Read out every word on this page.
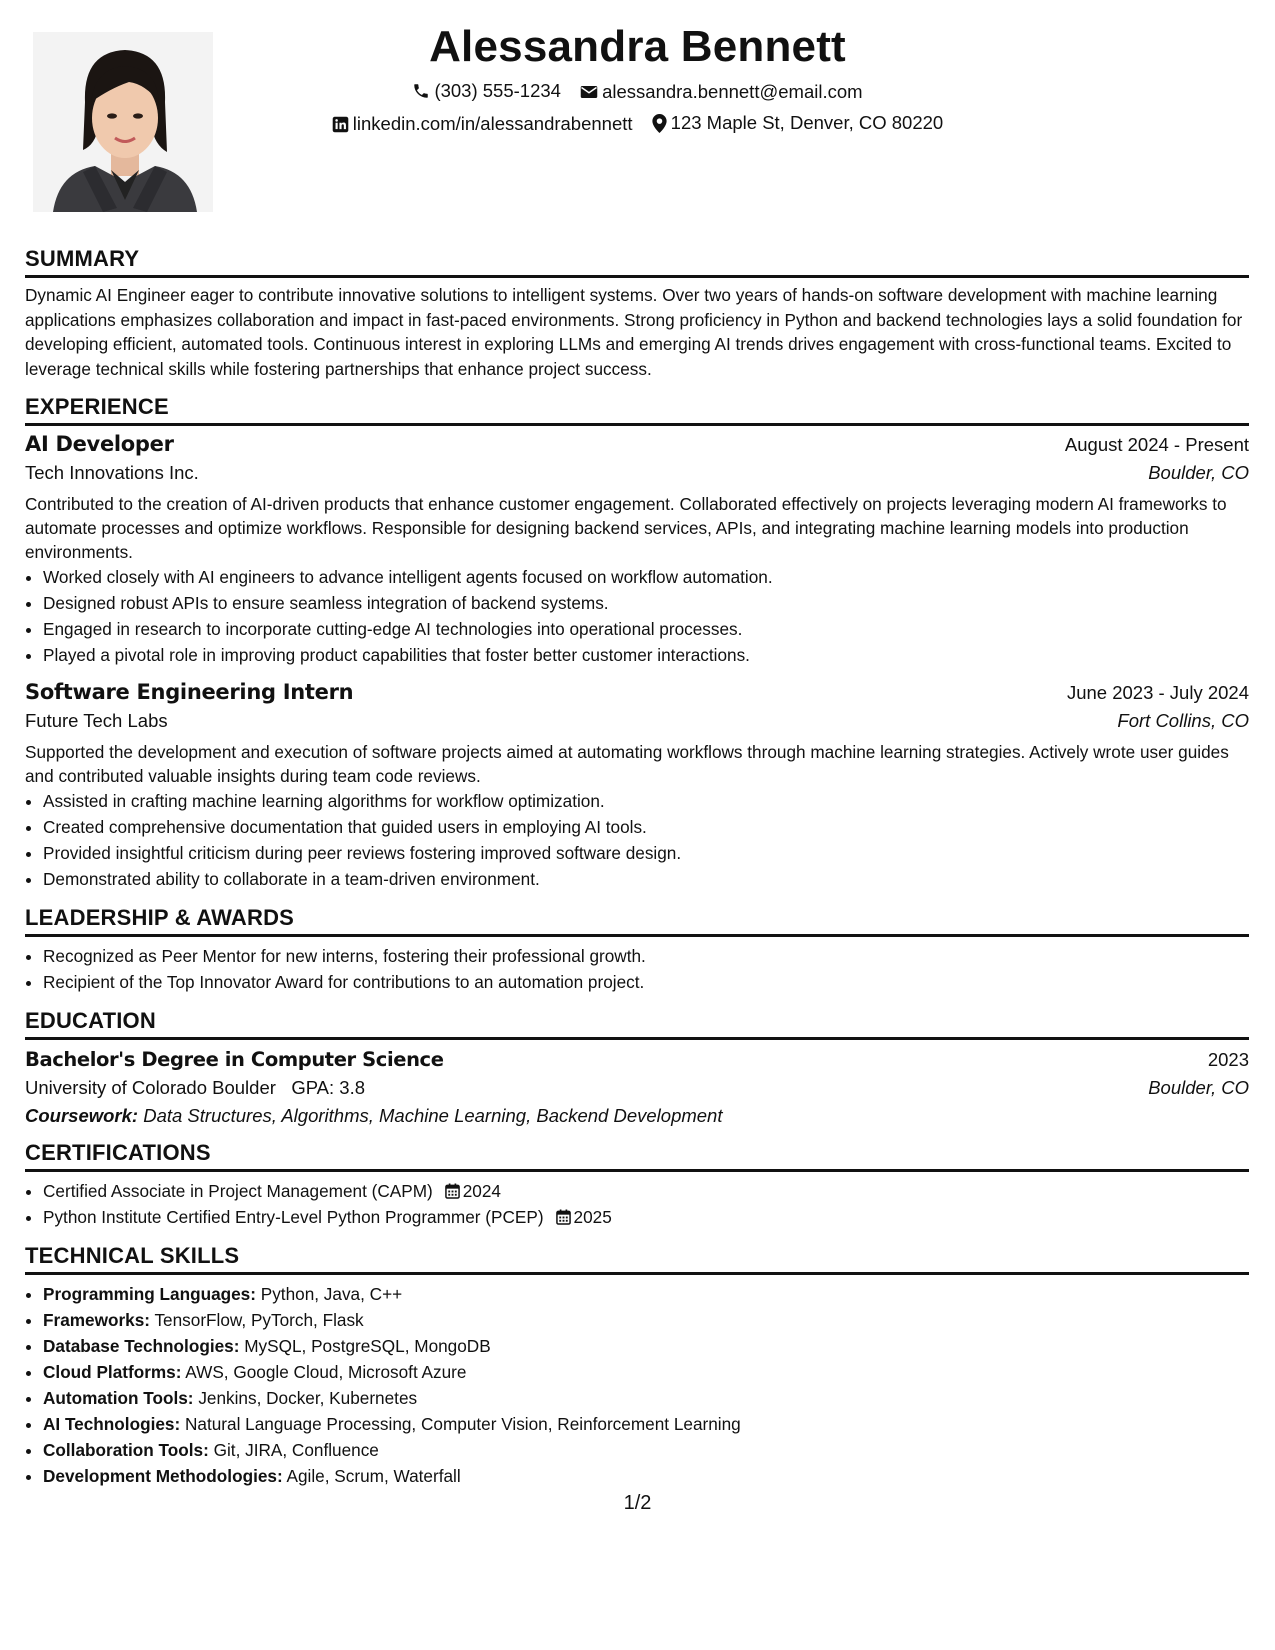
Alessandra Bennett
(303) 555-1234
alessandra.bennett@email.com
linkedin.com/in/alessandrabennett
123 Maple St, Denver, CO 80220
SUMMARY
Dynamic AI Engineer eager to contribute innovative solutions to intelligent systems. Over two years of hands-on software development with machine learning applications emphasizes collaboration and impact in fast-paced environments. Strong proficiency in Python and backend technologies lays a solid foundation for developing efficient, automated tools. Continuous interest in exploring LLMs and emerging AI trends drives engagement with cross-functional teams. Excited to leverage technical skills while fostering partnerships that enhance project success.
EXPERIENCE
AI Developer	August 2024 - Present
Tech Innovations Inc.	Boulder, CO
Contributed to the creation of AI-driven products that enhance customer engagement. Collaborated effectively on projects leveraging modern AI frameworks to automate processes and optimize workflows. Responsible for designing backend services, APIs, and integrating machine learning models into production environments.
• Worked closely with AI engineers to advance intelligent agents focused on workflow automation.
• Designed robust APIs to ensure seamless integration of backend systems.
• Engaged in research to incorporate cutting-edge AI technologies into operational processes.
• Played a pivotal role in improving product capabilities that foster better customer interactions.
Software Engineering Intern	June 2023 - July 2024
Future Tech Labs	Fort Collins, CO
Supported the development and execution of software projects aimed at automating workflows through machine learning strategies. Actively wrote user guides and contributed valuable insights during team code reviews.
• Assisted in crafting machine learning algorithms for workflow optimization.
• Created comprehensive documentation that guided users in employing AI tools.
• Provided insightful criticism during peer reviews fostering improved software design.
• Demonstrated ability to collaborate in a team-driven environment.
LEADERSHIP & AWARDS
• Recognized as Peer Mentor for new interns, fostering their professional growth.
• Recipient of the Top Innovator Award for contributions to an automation project.
EDUCATION
Bachelor's Degree in Computer Science	2023
University of Colorado Boulder GPA: 3.8	Boulder, CO
Coursework: Data Structures, Algorithms, Machine Learning, Backend Development
CERTIFICATIONS
• Certified Associate in Project Management (CAPM) 2024
• Python Institute Certified Entry-Level Python Programmer (PCEP) 2025
TECHNICAL SKILLS
• Programming Languages: Python, Java, C++
• Frameworks: TensorFlow, PyTorch, Flask
• Database Technologies: MySQL, PostgreSQL, MongoDB
• Cloud Platforms: AWS, Google Cloud, Microsoft Azure
• Automation Tools: Jenkins, Docker, Kubernetes
• AI Technologies: Natural Language Processing, Computer Vision, Reinforcement Learning
• Collaboration Tools: Git, JIRA, Confluence
• Development Methodologies: Agile, Scrum, Waterfall
1/2
